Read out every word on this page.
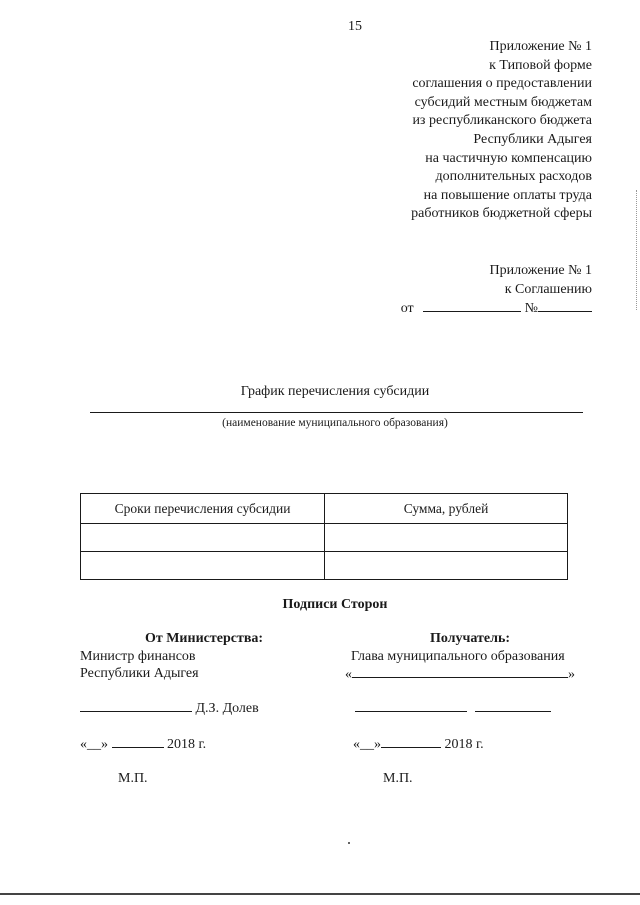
15
Приложение № 1
к Типовой форме
соглашения о предоставлении
субсидий местным бюджетам
из республиканского бюджета
Республики Адыгея
на частичную компенсацию
дополнительных расходов
на повышение оплаты труда
работников бюджетной сферы
Приложение № 1
к Соглашению
от	№
График перечисления субсидии
(наименование муниципального образования)
Сроки перечисления субсидии	Сумма, рублей

Подписи Сторон
От Министерства:
Министр финансов
Республики Адыгея
Получатель:
Глава муниципального образования
«	»
Д.З. Долев

«__»	2018 г.	«__»	2018 г.
М.П.	М.П.
